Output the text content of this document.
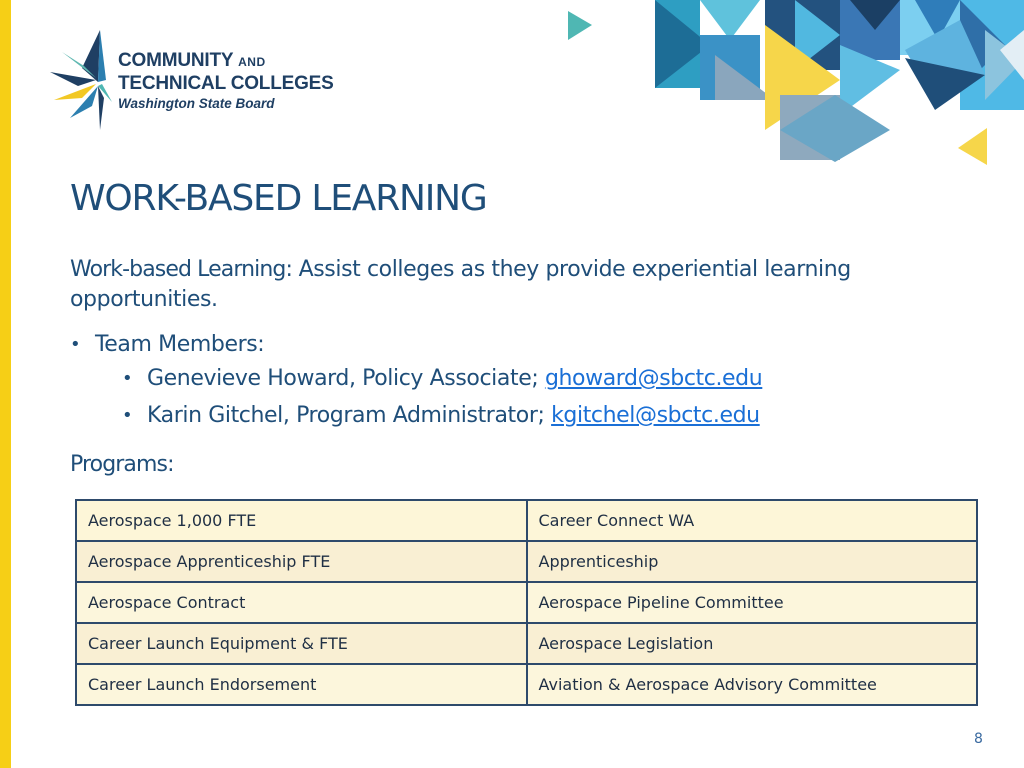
COMMUNITY AND
TECHNICAL COLLEGES
Washington State Board
WORK-BASED LEARNING
Work-based Learning: Assist colleges as they provide experiential learning opportunities.
• Team Members:
• Genevieve Howard, Policy Associate; ghoward@sbctc.edu
• Karin Gitchel, Program Administrator; kgitchel@sbctc.edu
Programs:
Aerospace 1,000 FTE	Career Connect WA
Aerospace Apprenticeship FTE	Apprenticeship
Aerospace Contract	Aerospace Pipeline Committee
Career Launch Equipment & FTE	Aerospace Legislation
Career Launch Endorsement	Aviation & Aerospace Advisory Committee
8
